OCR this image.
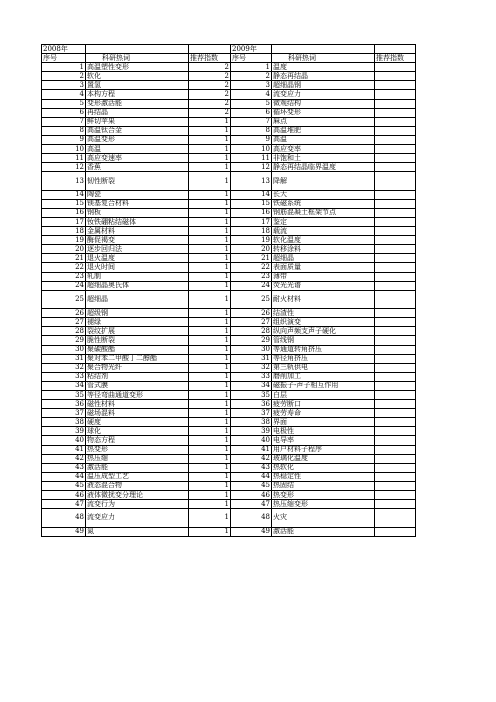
2008年			2009年		
序号	科研热词	推荐指数	序号	科研热词	推荐指数
1	高温塑性变形	2	1	温度	
2	软化	2	2	静态再结晶	
3	置氢	2	3	超细晶钢	
4	本构方程	2	4	流变应力	
5	变形激活能	2	5	微观结构	
6	再结晶	2	6	循环变形	
7	鲜切苹果	1	7	麻点	
8	高温钛合金	1	8	高温堆肥	
9	高温变形	1	9	高温	
10	高温	1	10	高应变率	
11	高应变速率	1	11	非饱和土	
12	香蕉	1	12	静态再结晶临界温度	
13	韧性断裂	1	13	降解	
14	陶瓷	1	14	长大	
15	镁基复合材料	1	15	铁磁系统	
16	钢板	1	16	钢筋混凝土框架节点	
17	钕铁硼粘结磁体	1	17	鉴定	
18	金属材料	1	18	载流	
19	酶促褐变	1	19	软化温度	
20	逐步回归法	1	20	转移涂料	
21	退火温度	1	21	超细晶	
22	退火时间	1	22	表面质量	
23	轧制	1	23	薄带	
24	超细晶奥氏体	1	24	荧光光谱	
25	超细晶	1	25	耐火材料	
26	超级钢	1	26	结渣性	
27	褪绿	1	27	组织演变	
28	裂纹扩展	1	28	纵向声频支声子硬化	
29	脆性断裂	1	29	管线钢	
30	聚碳酸酯	1	30	等通道转角挤压	
31	聚对苯二甲酸丁二醇酯	1	31	等径角挤压	
32	聚合物光纤	1	32	第三轨供电	
33	粘结剂	1	33	磨削加工	
34	管式膜	1	34	磁振子-声子相互作用	
35	等径弯曲通道变形	1	35	白层	
36	磁性材料	1	36	疲劳断口	
37	磁场混料	1	37	疲劳寿命	
38	硬度	1	38	界面	
39	球化	1	39	电极性	
40	物态方程	1	40	电导率	
41	热变形	1	41	用户材料子程序	
42	热压缩	1	42	玻璃化温度	
43	激活能	1	43	热软化	
44	温压成型工艺	1	44	热稳定性	
45	液态混合物	1	45	热固结	
46	液体微扰变分理论	1	46	热变形	
47	流变行为	1	47	热压缩变形	
48	流变应力	1	48	火灾	
49	氮	1	49	激活能	
